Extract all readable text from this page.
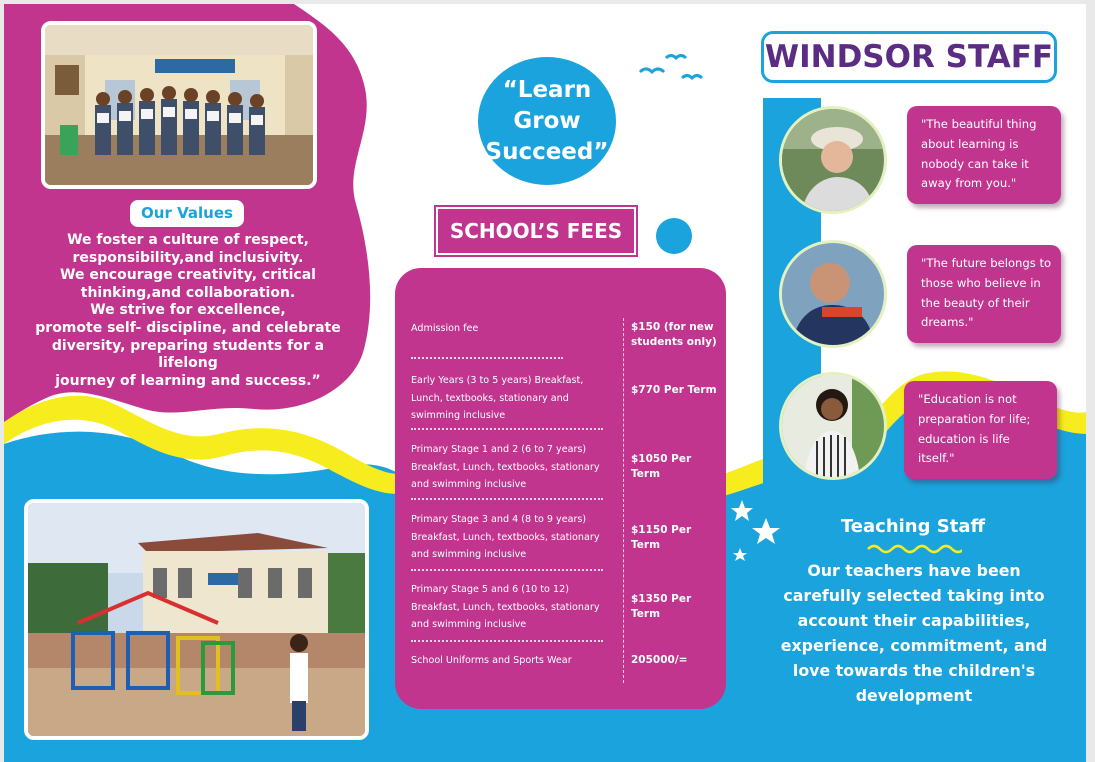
Our Values

We foster a culture of respect,
responsibility,and inclusivity.
We encourage creativity, critical
thinking,and collaboration.
We strive for excellence,
promote self- discipline, and celebrate
diversity, preparing students for a lifelong
journey of learning and success.”

“Learn
Grow
Succeed”
SCHOOL’S FEES
Admission fee	$150 (for new students only)
Early Years (3 to 5 years) Breakfast, Lunch, textbooks, stationary and swimming inclusive
$770 Per Term
Primary Stage 1 and 2 (6 to 7 years) Breakfast, Lunch, textbooks, stationary and swimming inclusive
$1050 Per Term
Primary Stage 3 and 4 (8 to 9 years) Breakfast, Lunch, textbooks, stationary and swimming inclusive
$1150 Per Term
Primary Stage 5 and 6 (10 to 12) Breakfast, Lunch, textbooks, stationary and swimming inclusive
$1350 Per Term
School Uniforms and Sports Wear	205000/=
WINDSOR STAFF
"The beautiful thing about learning is nobody can take it away from you."
"The future belongs to those who believe in the beauty of their dreams."
"Education is not preparation for life; education is life itself."
Teaching Staff

Our teachers have been
carefully selected taking into
account their capabilities,
experience, commitment, and
love towards the children's
development
